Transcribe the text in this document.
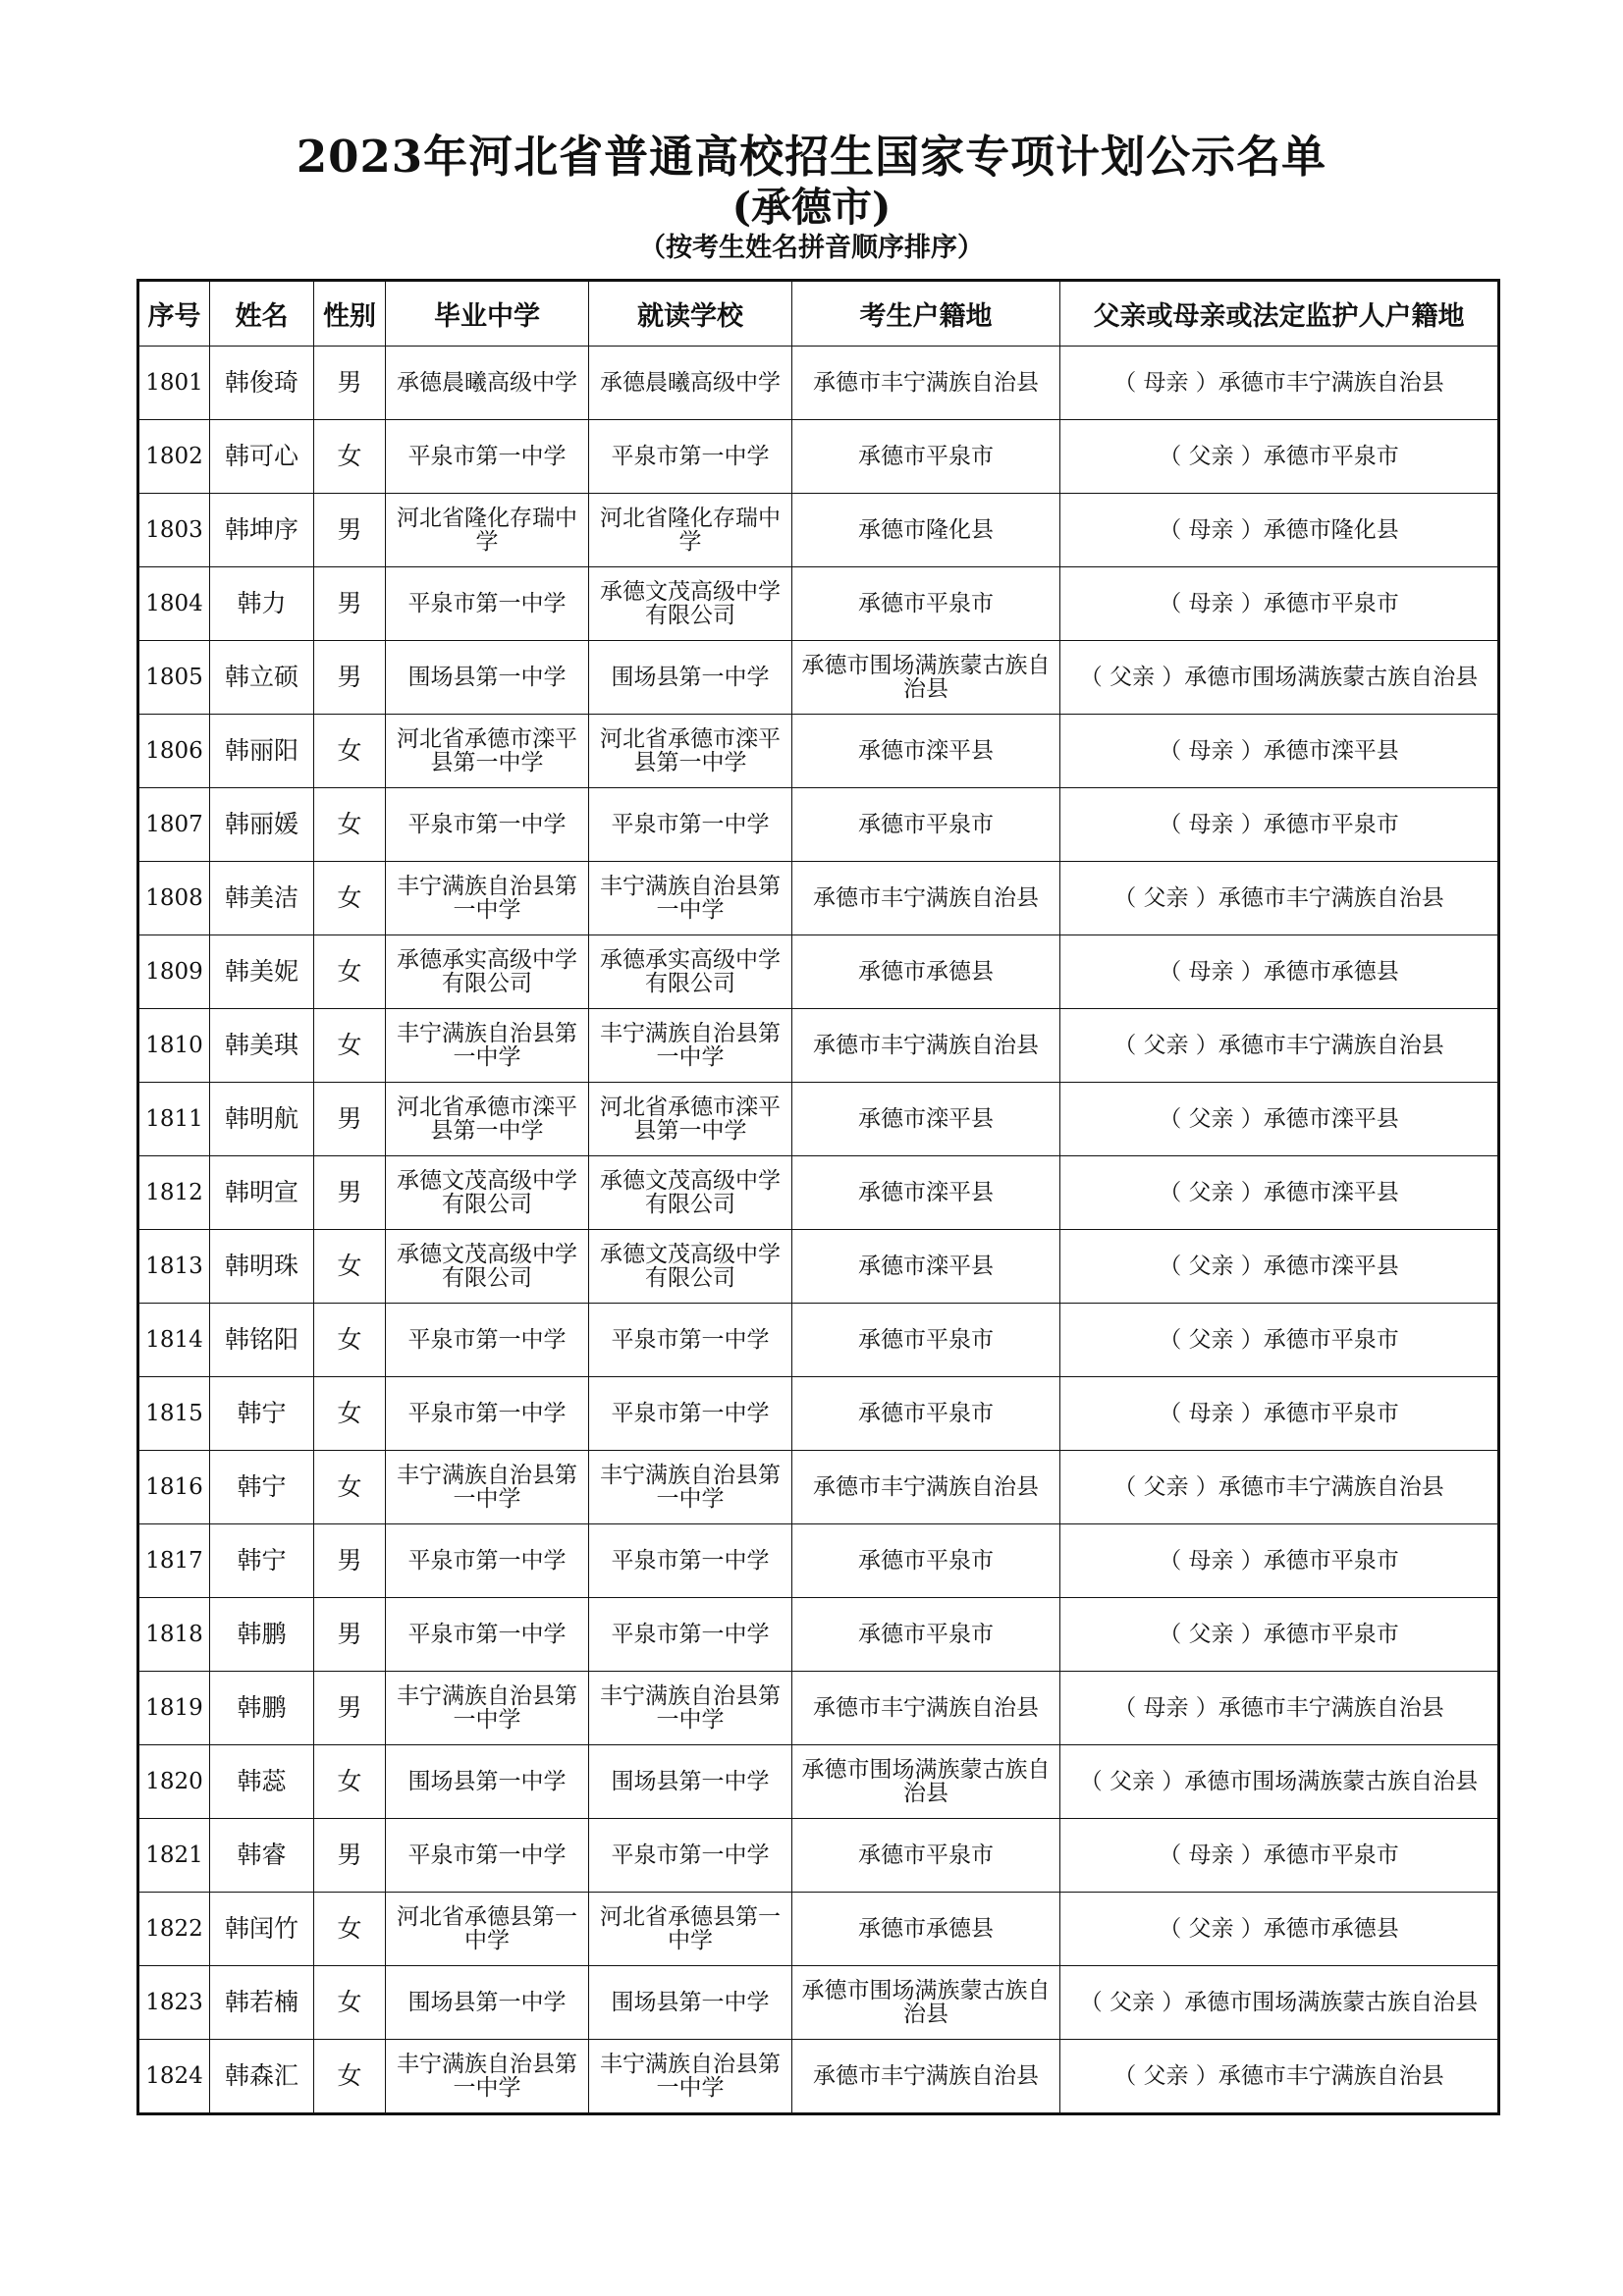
2023年河北省普通高校招生国家专项计划公示名单
(承德市)
（按考生姓名拼音顺序排序）
序号	姓名	性别	毕业中学	就读学校	考生户籍地	父亲或母亲或法定监护人户籍地
1801	韩俊琦	男	承德晨曦高级中学	承德晨曦高级中学	承德市丰宁满族自治县	（ 母亲 ）承德市丰宁满族自治县
1802	韩可心	女	平泉市第一中学	平泉市第一中学	承德市平泉市	（ 父亲 ）承德市平泉市
1803	韩坤序	男	河北省隆化存瑞中学	河北省隆化存瑞中学	承德市隆化县	（ 母亲 ）承德市隆化县
1804	韩力	男	平泉市第一中学	承德文茂高级中学有限公司	承德市平泉市	（ 母亲 ）承德市平泉市
1805	韩立硕	男	围场县第一中学	围场县第一中学	承德市围场满族蒙古族自治县	（ 父亲 ）承德市围场满族蒙古族自治县
1806	韩丽阳	女	河北省承德市滦平县第一中学	河北省承德市滦平县第一中学	承德市滦平县	（ 母亲 ）承德市滦平县
1807	韩丽媛	女	平泉市第一中学	平泉市第一中学	承德市平泉市	（ 母亲 ）承德市平泉市
1808	韩美洁	女	丰宁满族自治县第一中学	丰宁满族自治县第一中学	承德市丰宁满族自治县	（ 父亲 ）承德市丰宁满族自治县
1809	韩美妮	女	承德承实高级中学有限公司	承德承实高级中学有限公司	承德市承德县	（ 母亲 ）承德市承德县
1810	韩美琪	女	丰宁满族自治县第一中学	丰宁满族自治县第一中学	承德市丰宁满族自治县	（ 父亲 ）承德市丰宁满族自治县
1811	韩明航	男	河北省承德市滦平县第一中学	河北省承德市滦平县第一中学	承德市滦平县	（ 父亲 ）承德市滦平县
1812	韩明宣	男	承德文茂高级中学有限公司	承德文茂高级中学有限公司	承德市滦平县	（ 父亲 ）承德市滦平县
1813	韩明珠	女	承德文茂高级中学有限公司	承德文茂高级中学有限公司	承德市滦平县	（ 父亲 ）承德市滦平县
1814	韩铭阳	女	平泉市第一中学	平泉市第一中学	承德市平泉市	（ 父亲 ）承德市平泉市
1815	韩宁	女	平泉市第一中学	平泉市第一中学	承德市平泉市	（ 母亲 ）承德市平泉市
1816	韩宁	女	丰宁满族自治县第一中学	丰宁满族自治县第一中学	承德市丰宁满族自治县	（ 父亲 ）承德市丰宁满族自治县
1817	韩宁	男	平泉市第一中学	平泉市第一中学	承德市平泉市	（ 母亲 ）承德市平泉市
1818	韩鹏	男	平泉市第一中学	平泉市第一中学	承德市平泉市	（ 父亲 ）承德市平泉市
1819	韩鹏	男	丰宁满族自治县第一中学	丰宁满族自治县第一中学	承德市丰宁满族自治县	（ 母亲 ）承德市丰宁满族自治县
1820	韩蕊	女	围场县第一中学	围场县第一中学	承德市围场满族蒙古族自治县	（ 父亲 ）承德市围场满族蒙古族自治县
1821	韩睿	男	平泉市第一中学	平泉市第一中学	承德市平泉市	（ 母亲 ）承德市平泉市
1822	韩闰竹	女	河北省承德县第一中学	河北省承德县第一中学	承德市承德县	（ 父亲 ）承德市承德县
1823	韩若楠	女	围场县第一中学	围场县第一中学	承德市围场满族蒙古族自治县	（ 父亲 ）承德市围场满族蒙古族自治县
1824	韩森汇	女	丰宁满族自治县第一中学	丰宁满族自治县第一中学	承德市丰宁满族自治县	（ 父亲 ）承德市丰宁满族自治县
